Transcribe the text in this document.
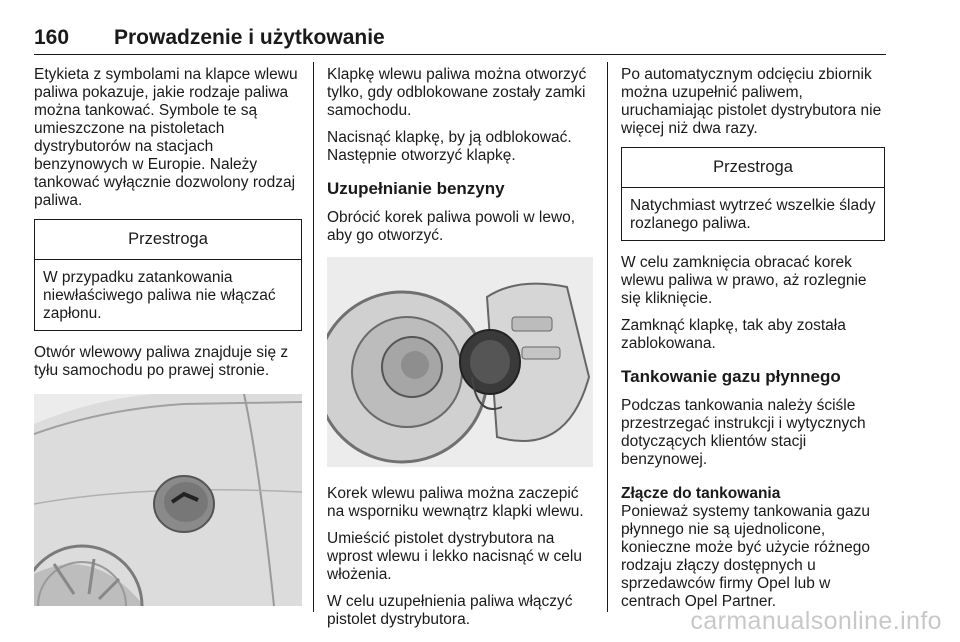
160 Prowadzenie i użytkowanie

Etykieta z symbolami na klapce wlewu paliwa pokazuje, jakie rodzaje paliwa można tankować. Symbole te są umieszczone na pistoletach dystrybutorów na stacjach benzynowych w Europie. Należy tankować wyłącznie dozwolony rodzaj paliwa.

Przestroga
W przypadku zatankowania niewłaściwego paliwa nie włączać zapłonu.

Otwór wlewowy paliwa znajduje się z tyłu samochodu po prawej stronie.

Klapkę wlewu paliwa można otworzyć tylko, gdy odblokowane zostały zamki samochodu.

Nacisnąć klapkę, by ją odblokować. Następnie otworzyć klapkę.

Uzupełnianie benzyny

Obrócić korek paliwa powoli w lewo, aby go otworzyć.

Korek wlewu paliwa można zaczepić na wsporniku wewnątrz klapki wlewu.

Umieścić pistolet dystrybutora na wprost wlewu i lekko nacisnąć w celu włożenia.

W celu uzupełnienia paliwa włączyć pistolet dystrybutora.

Po automatycznym odcięciu zbiornik można uzupełnić paliwem, uruchamiając pistolet dystrybutora nie więcej niż dwa razy.

Przestroga
Natychmiast wytrzeć wszelkie ślady rozlanego paliwa.

W celu zamknięcia obracać korek wlewu paliwa w prawo, aż rozlegnie się kliknięcie.

Zamknąć klapkę, tak aby została zablokowana.

Tankowanie gazu płynnego

Podczas tankowania należy ściśle przestrzegać instrukcji i wytycznych dotyczących klientów stacji benzynowej.

Złącze do tankowania

Ponieważ systemy tankowania gazu płynnego nie są ujednolicone, konieczne może być użycie różnego rodzaju złączy dostępnych u sprzedawców firmy Opel lub w centrach Opel Partner.

carmanualsonline.info
